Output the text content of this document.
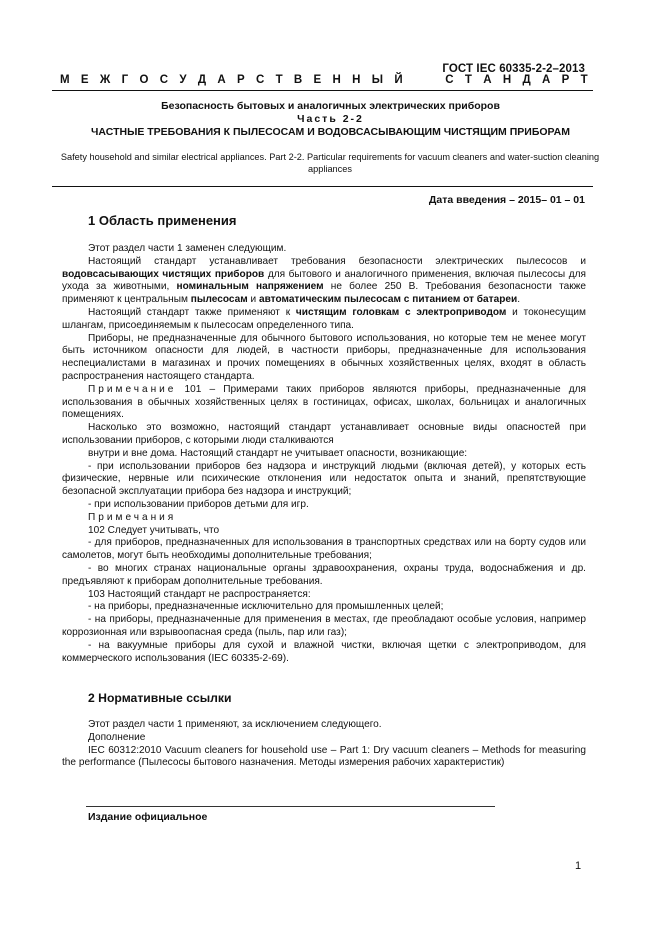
ГОСТ IEC 60335-2-2–2013
М Е Ж Г О С У Д А Р С Т В Е Н Н Ы Й	С Т А Н Д А Р Т
Безопасность бытовых и аналогичных электрических приборов
Часть 2-2
ЧАСТНЫЕ ТРЕБОВАНИЯ К ПЫЛЕСОСАМ И ВОДОВСАСЫВАЮЩИМ ЧИСТЯЩИМ ПРИБОРАМ
Safety household and similar electrical appliances. Part 2-2. Particular requirements for vacuum cleaners and water-suction cleaning appliances
Дата введения – 2015– 01 – 01
1 Область применения

Этот раздел части 1 заменен следующим.

Настоящий стандарт устанавливает требования безопасности электрических пылесосов и водовсасывающих чистящих приборов для бытового и аналогичного применения, включая пылесосы для ухода за животными, номинальным напряжением не более 250 В. Требования безопасности также применяют к центральным пылесосам и автоматическим пылесосам с питанием от батареи.

Настоящий стандарт также применяют к чистящим головкам с электроприводом и токонесущим шлангам, присоединяемым к пылесосам определенного типа.

Приборы, не предназначенные для обычного бытового использования, но которые тем не менее могут быть источником опасности для людей, в частности приборы, предназначенные для использования неспециалистами в магазинах и прочих помещениях в обычных хозяйственных целях, входят в область распространения настоящего стандарта.

Примечание 101 – Примерами таких приборов являются приборы, предназначенные для использования в обычных хозяйственных целях в гостиницах, офисах, школах, больницах и аналогичных помещениях.

Насколько это возможно, настоящий стандарт устанавливает основные виды опасностей при использовании приборов, с которыми люди сталкиваются

внутри и вне дома. Настоящий стандарт не учитывает опасности, возникающие:

- при использовании приборов без надзора и инструкций людьми (включая детей), у которых есть физические, нервные или психические отклонения или недостаток опыта и знаний, препятствующие безопасной эксплуатации прибора без надзора и инструкций;

- при использовании приборов детьми для игр.

Примечания

102 Следует учитывать, что

- для приборов, предназначенных для использования в транспортных средствах или на борту судов или самолетов, могут быть необходимы дополнительные требования;

- во многих странах национальные органы здравоохранения, охраны труда, водоснабжения и др. предъявляют к приборам дополнительные требования.

103 Настоящий стандарт не распространяется:

- на приборы, предназначенные исключительно для промышленных целей;

- на приборы, предназначенные для применения в местах, где преобладают особые условия, например коррозионная или взрывоопасная среда (пыль, пар или газ);

- на вакуумные приборы для сухой и влажной чистки, включая щетки с электроприводом, для коммерческого использования (IEC 60335-2-69).

2 Нормативные ссылки

Этот раздел части 1 применяют, за исключением следующего.

Дополнение

IEC 60312:2010 Vacuum cleaners for household use – Part 1: Dry vacuum cleaners – Methods for measuring the performance (Пылесосы бытового назначения. Методы измерения рабочих характеристик)

Издание официальное
1
